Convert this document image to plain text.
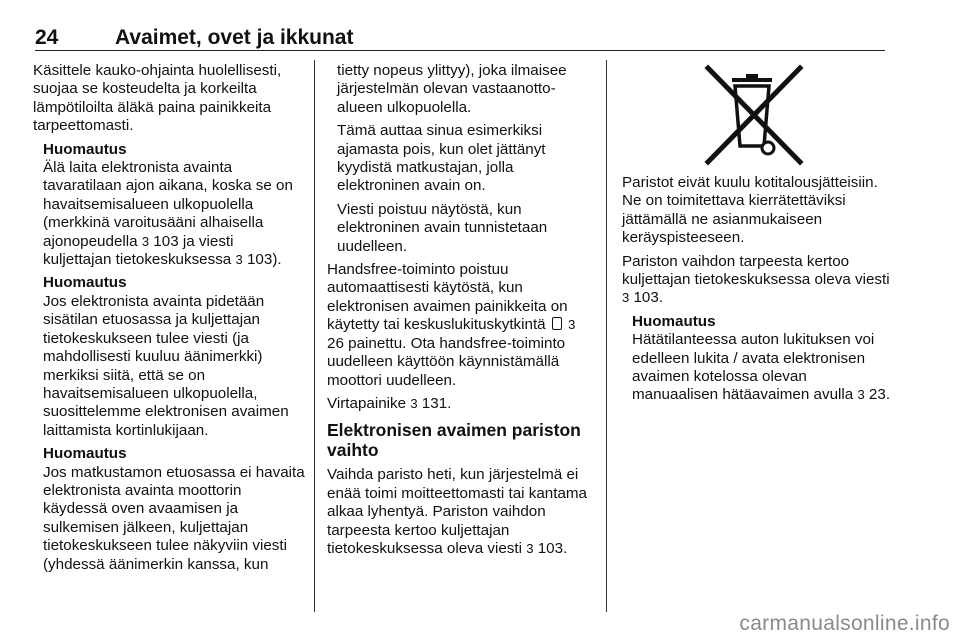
24	Avaimet, ovet ja ikkunat

Käsittele kauko-ohjainta huolellisesti, suojaa se kosteudelta ja korkeilta lämpötiloilta äläkä paina painikkeita tarpeettomasti.

Huomautus
Älä laita elektronista avainta tavaratilaan ajon aikana, koska se on havaitsemisalueen ulkopuolella (merkkinä varoitusääni alhaisella ajonopeudella 3 103 ja viesti kuljettajan tietokeskuksessa 3 103).
Huomautus
Jos elektronista avainta pidetään sisätilan etuosassa ja kuljettajan tietokeskukseen tulee viesti (ja mahdollisesti kuuluu äänimerkki) merkiksi siitä, että se on havaitsemisalueen ulkopuolella, suosittelemme elektronisen avaimen laittamista kortinlukijaan.
Huomautus
Jos matkustamon etuosassa ei havaita elektronista avainta moottorin käydessä oven avaamisen ja sulkemisen jälkeen, kuljettajan tietokeskukseen tulee näkyviin viesti (yhdessä äänimerkin kanssa, kun

tietty nopeus ylittyy), joka ilmaisee järjestelmän olevan vastaanotto-alueen ulkopuolella.

Tämä auttaa sinua esimerkiksi ajamasta pois, kun olet jättänyt kyydistä matkustajan, jolla elektroninen avain on.

Viesti poistuu näytöstä, kun elektroninen avain tunnistetaan uudelleen.

Handsfree-toiminto poistuu automaattisesti käytöstä, kun elektronisen avaimen painikkeita on käytetty tai keskuslukituskytkintä 3 26 painettu. Ota handsfree-toiminto uudelleen käyttöön käynnistämällä moottori uudelleen.

Virtapainike 3 131.

Elektronisen avaimen pariston vaihto

Vaihda paristo heti, kun järjestelmä ei enää toimi moitteettomasti tai kantama alkaa lyhentyä. Pariston vaihdon tarpeesta kertoo kuljettajan tietokeskuksessa oleva viesti 3 103.

Paristot eivät kuulu kotitalousjätteisiin. Ne on toimitettava kierrätettäviksi jättämällä ne asianmukaiseen keräyspisteeseen.

Pariston vaihdon tarpeesta kertoo kuljettajan tietokeskuksessa oleva viesti 3 103.

Huomautus
Hätätilanteessa auton lukituksen voi edelleen lukita / avata elektronisen avaimen kotelossa olevan manuaalisen hätäavaimen avulla 3 23.
carmanualsonline.info
